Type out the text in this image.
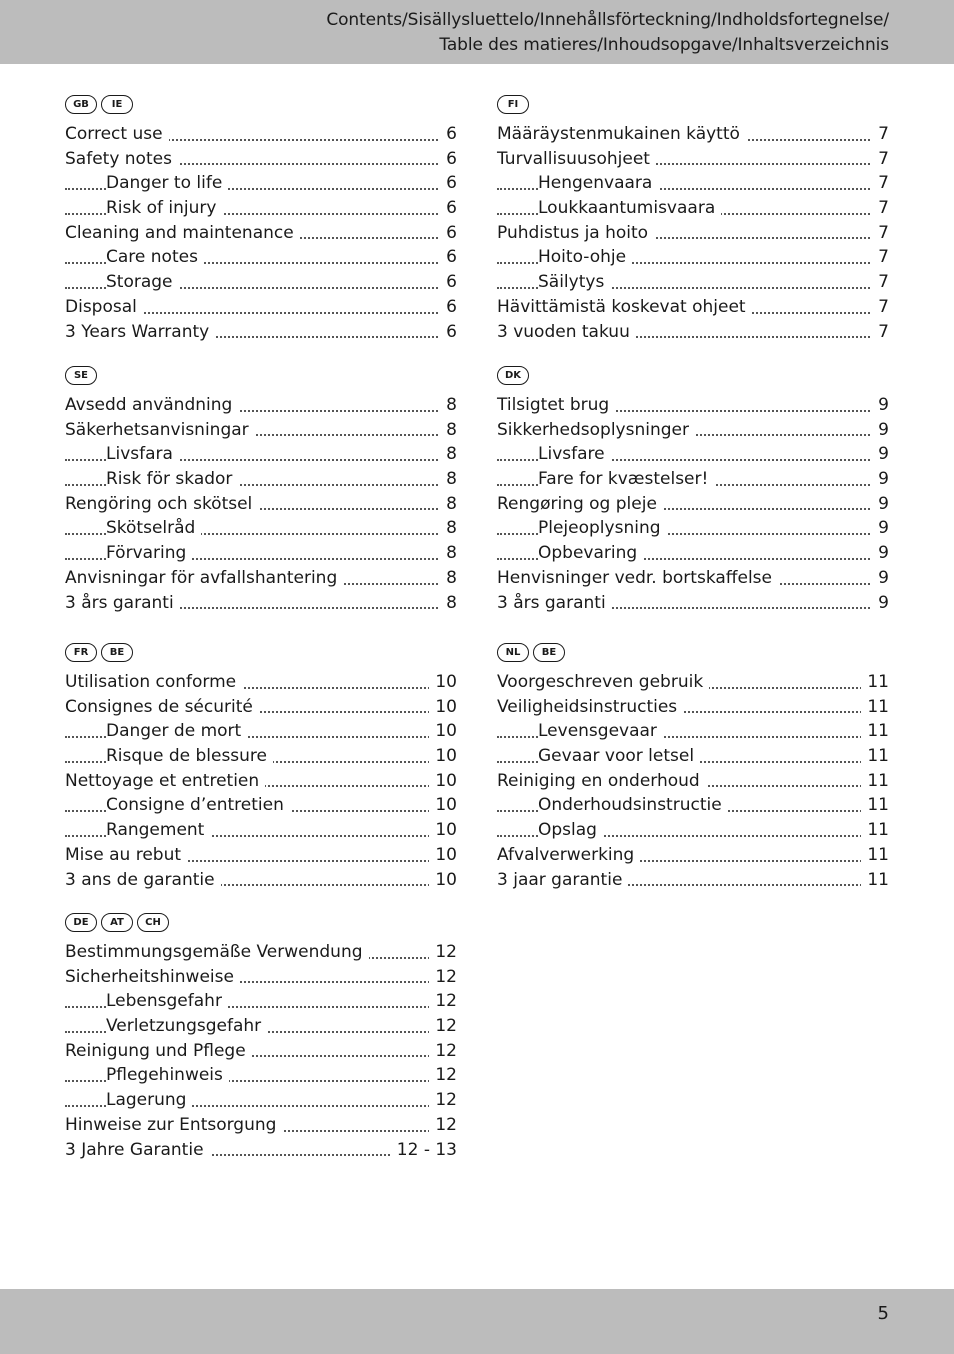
Contents/Sisällysluettelo/Innehållsförteckning/Indholdsfortegnelse/
Table des matieres/Inhoudsopgave/Inhaltsverzeichnis
GB IE
Correct use	6
Safety notes	6
Danger to life	6
Risk of injury	6
Cleaning and maintenance	6
Care notes	6
Storage	6
Disposal	6
3 Years Warranty	6
FI
Määräystenmukainen käyttö	7
Turvallisuusohjeet	7
Hengenvaara	7
Loukkaantumisvaara	7
Puhdistus ja hoito	7
Hoito-ohje	7
Säilytys	7
Hävittämistä koskevat ohjeet	7
3 vuoden takuu	7
SE
Avsedd användning	8
Säkerhetsanvisningar	8
Livsfara	8
Risk för skador	8
Rengöring och skötsel	8
Skötselråd	8
Förvaring	8
Anvisningar för avfallshantering	8
3 års garanti	8
DK
Tilsigtet brug	9
Sikkerhedsoplysninger	9
Livsfare	9
Fare for kvæstelser!	9
Rengøring og pleje	9
Plejeoplysning	9
Opbevaring	9
Henvisninger vedr. bortskaffelse	9
3 års garanti	9
FR BE
Utilisation conforme	10
Consignes de sécurité	10
Danger de mort	10
Risque de blessure	10
Nettoyage et entretien	10
Consigne d’entretien	10
Rangement	10
Mise au rebut	10
3 ans de garantie	10
NL BE
Voorgeschreven gebruik	11
Veiligheidsinstructies	11
Levensgevaar	11
Gevaar voor letsel	11
Reiniging en onderhoud	11
Onderhoudsinstructie	11
Opslag	11
Afvalverwerking	11
3 jaar garantie	11
DE AT CH
Bestimmungsgemäße Verwendung	12
Sicherheitshinweise	12
Lebensgefahr	12
Verletzungsgefahr	12
Reinigung und Pflege	12
Pflegehinweis	12
Lagerung	12
Hinweise zur Entsorgung	12
3 Jahre Garantie	12 - 13
5
